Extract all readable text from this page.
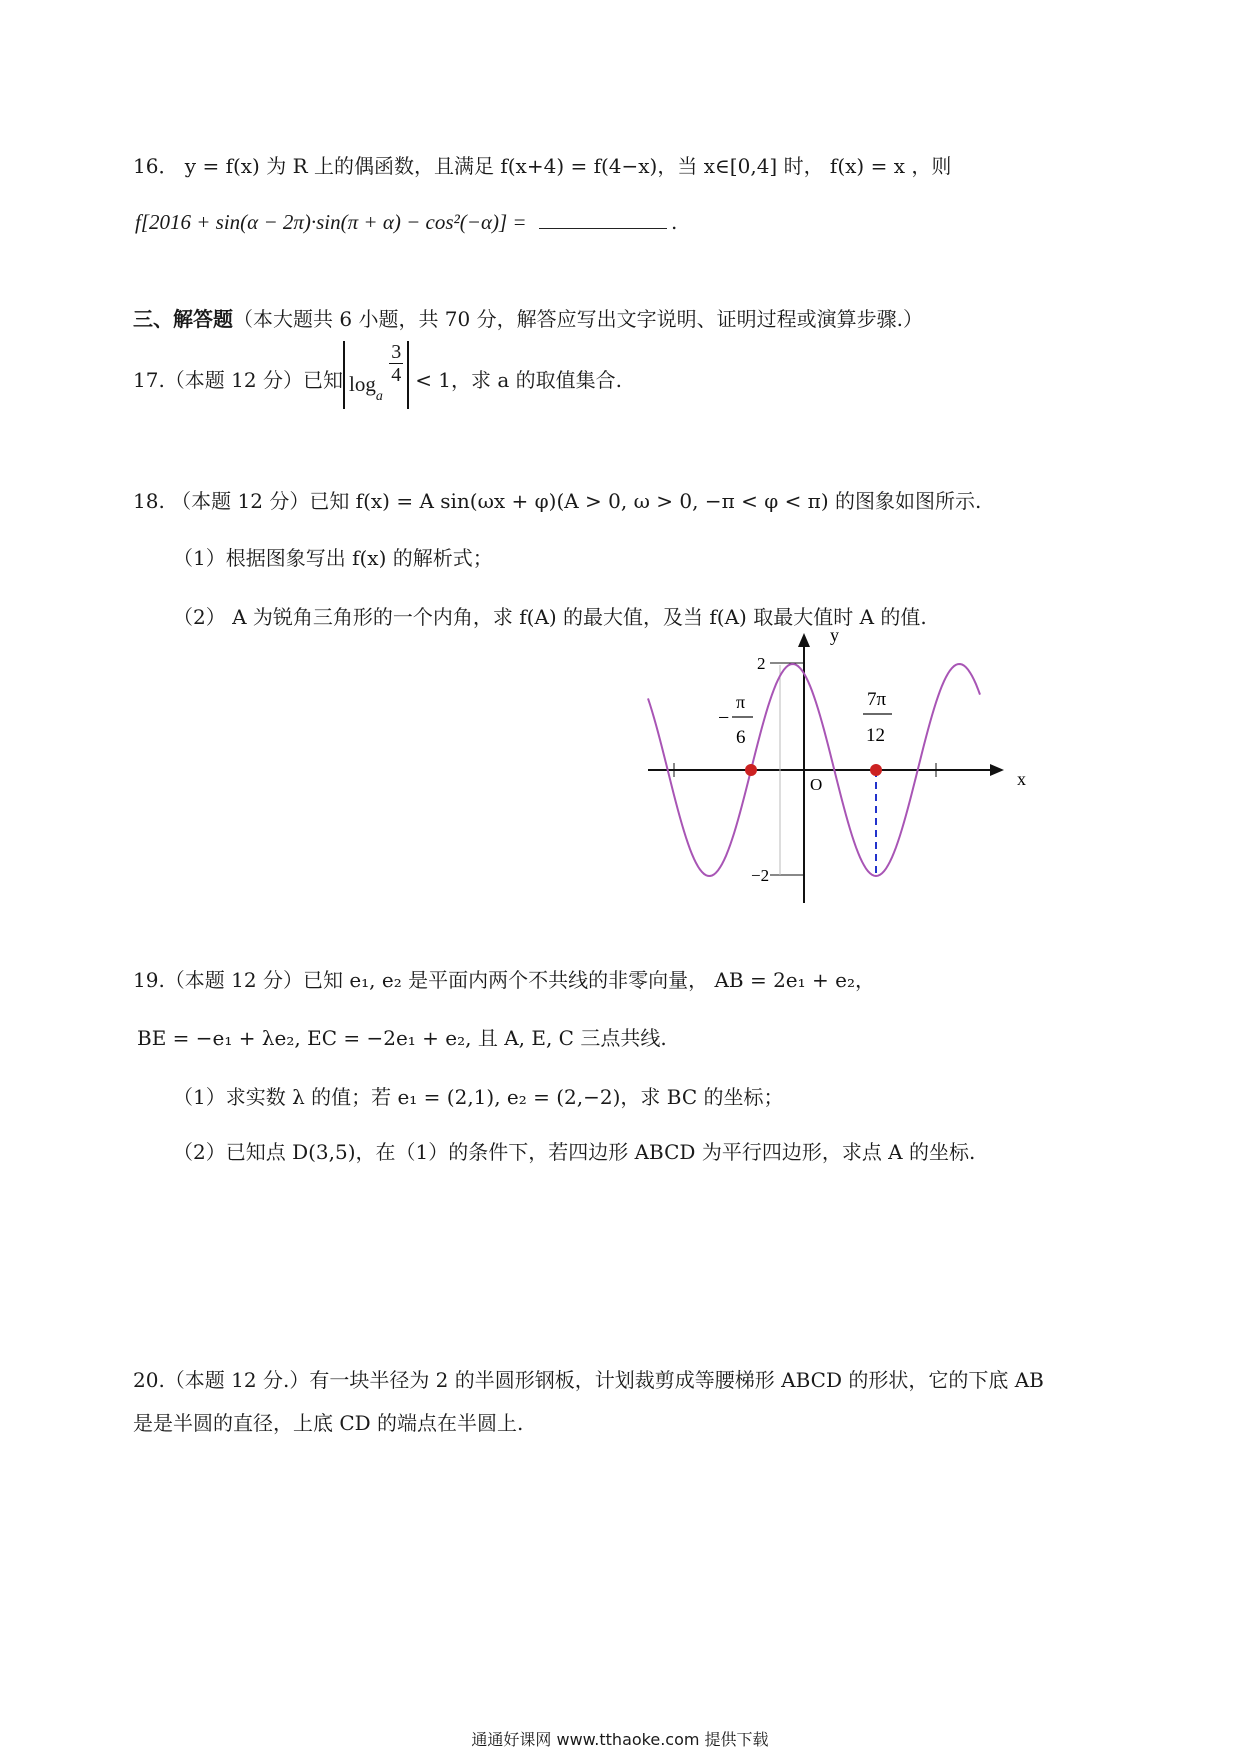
16． y = f(x) 为 R 上的偶函数，且满足 f(x+4) = f(4−x)，当 x∈[0,4] 时， f(x) = x ，则
f[2016 + sin(α − 2π)·sin(π + α) − cos²(−α)] =	.
三、解答题（本大题共 6 小题，共 70 分，解答应写出文字说明、证明过程或演算步骤.）
17.（本题 12 分）已知 $\log_a$
$\frac{3}{4} < 1$，求 a 的取值集合.
18. （本题 12 分）已知 f(x) = A sin(ωx + φ)(A > 0, ω > 0, −π < φ < π) 的图象如图所示.
（1）根据图象写出 f(x) 的解析式；
（2） A 为锐角三角形的一个内角，求 f(A) 的最大值，及当 f(A) 取最大值时 A 的值.
y
x
O
2
−2
−
π
6
7π
12
19.（本题 12 分）已知 e₁, e₂ 是平面内两个不共线的非零向量， AB = 2e₁ + e₂，
BE = −e₁ + λe₂, EC = −2e₁ + e₂, 且 A, E, C 三点共线.
（1）求实数 λ 的值；若 e₁ = (2,1), e₂ = (2,−2)，求 BC 的坐标；
（2）已知点 D(3,5)，在（1）的条件下，若四边形 ABCD 为平行四边形，求点 A 的坐标.
20.（本题 12 分.）有一块半径为 2 的半圆形钢板，计划裁剪成等腰梯形 ABCD 的形状，它的下底 AB
是是半圆的直径，上底 CD 的端点在半圆上.
通通好课网 www.tthaoke.com 提供下载
